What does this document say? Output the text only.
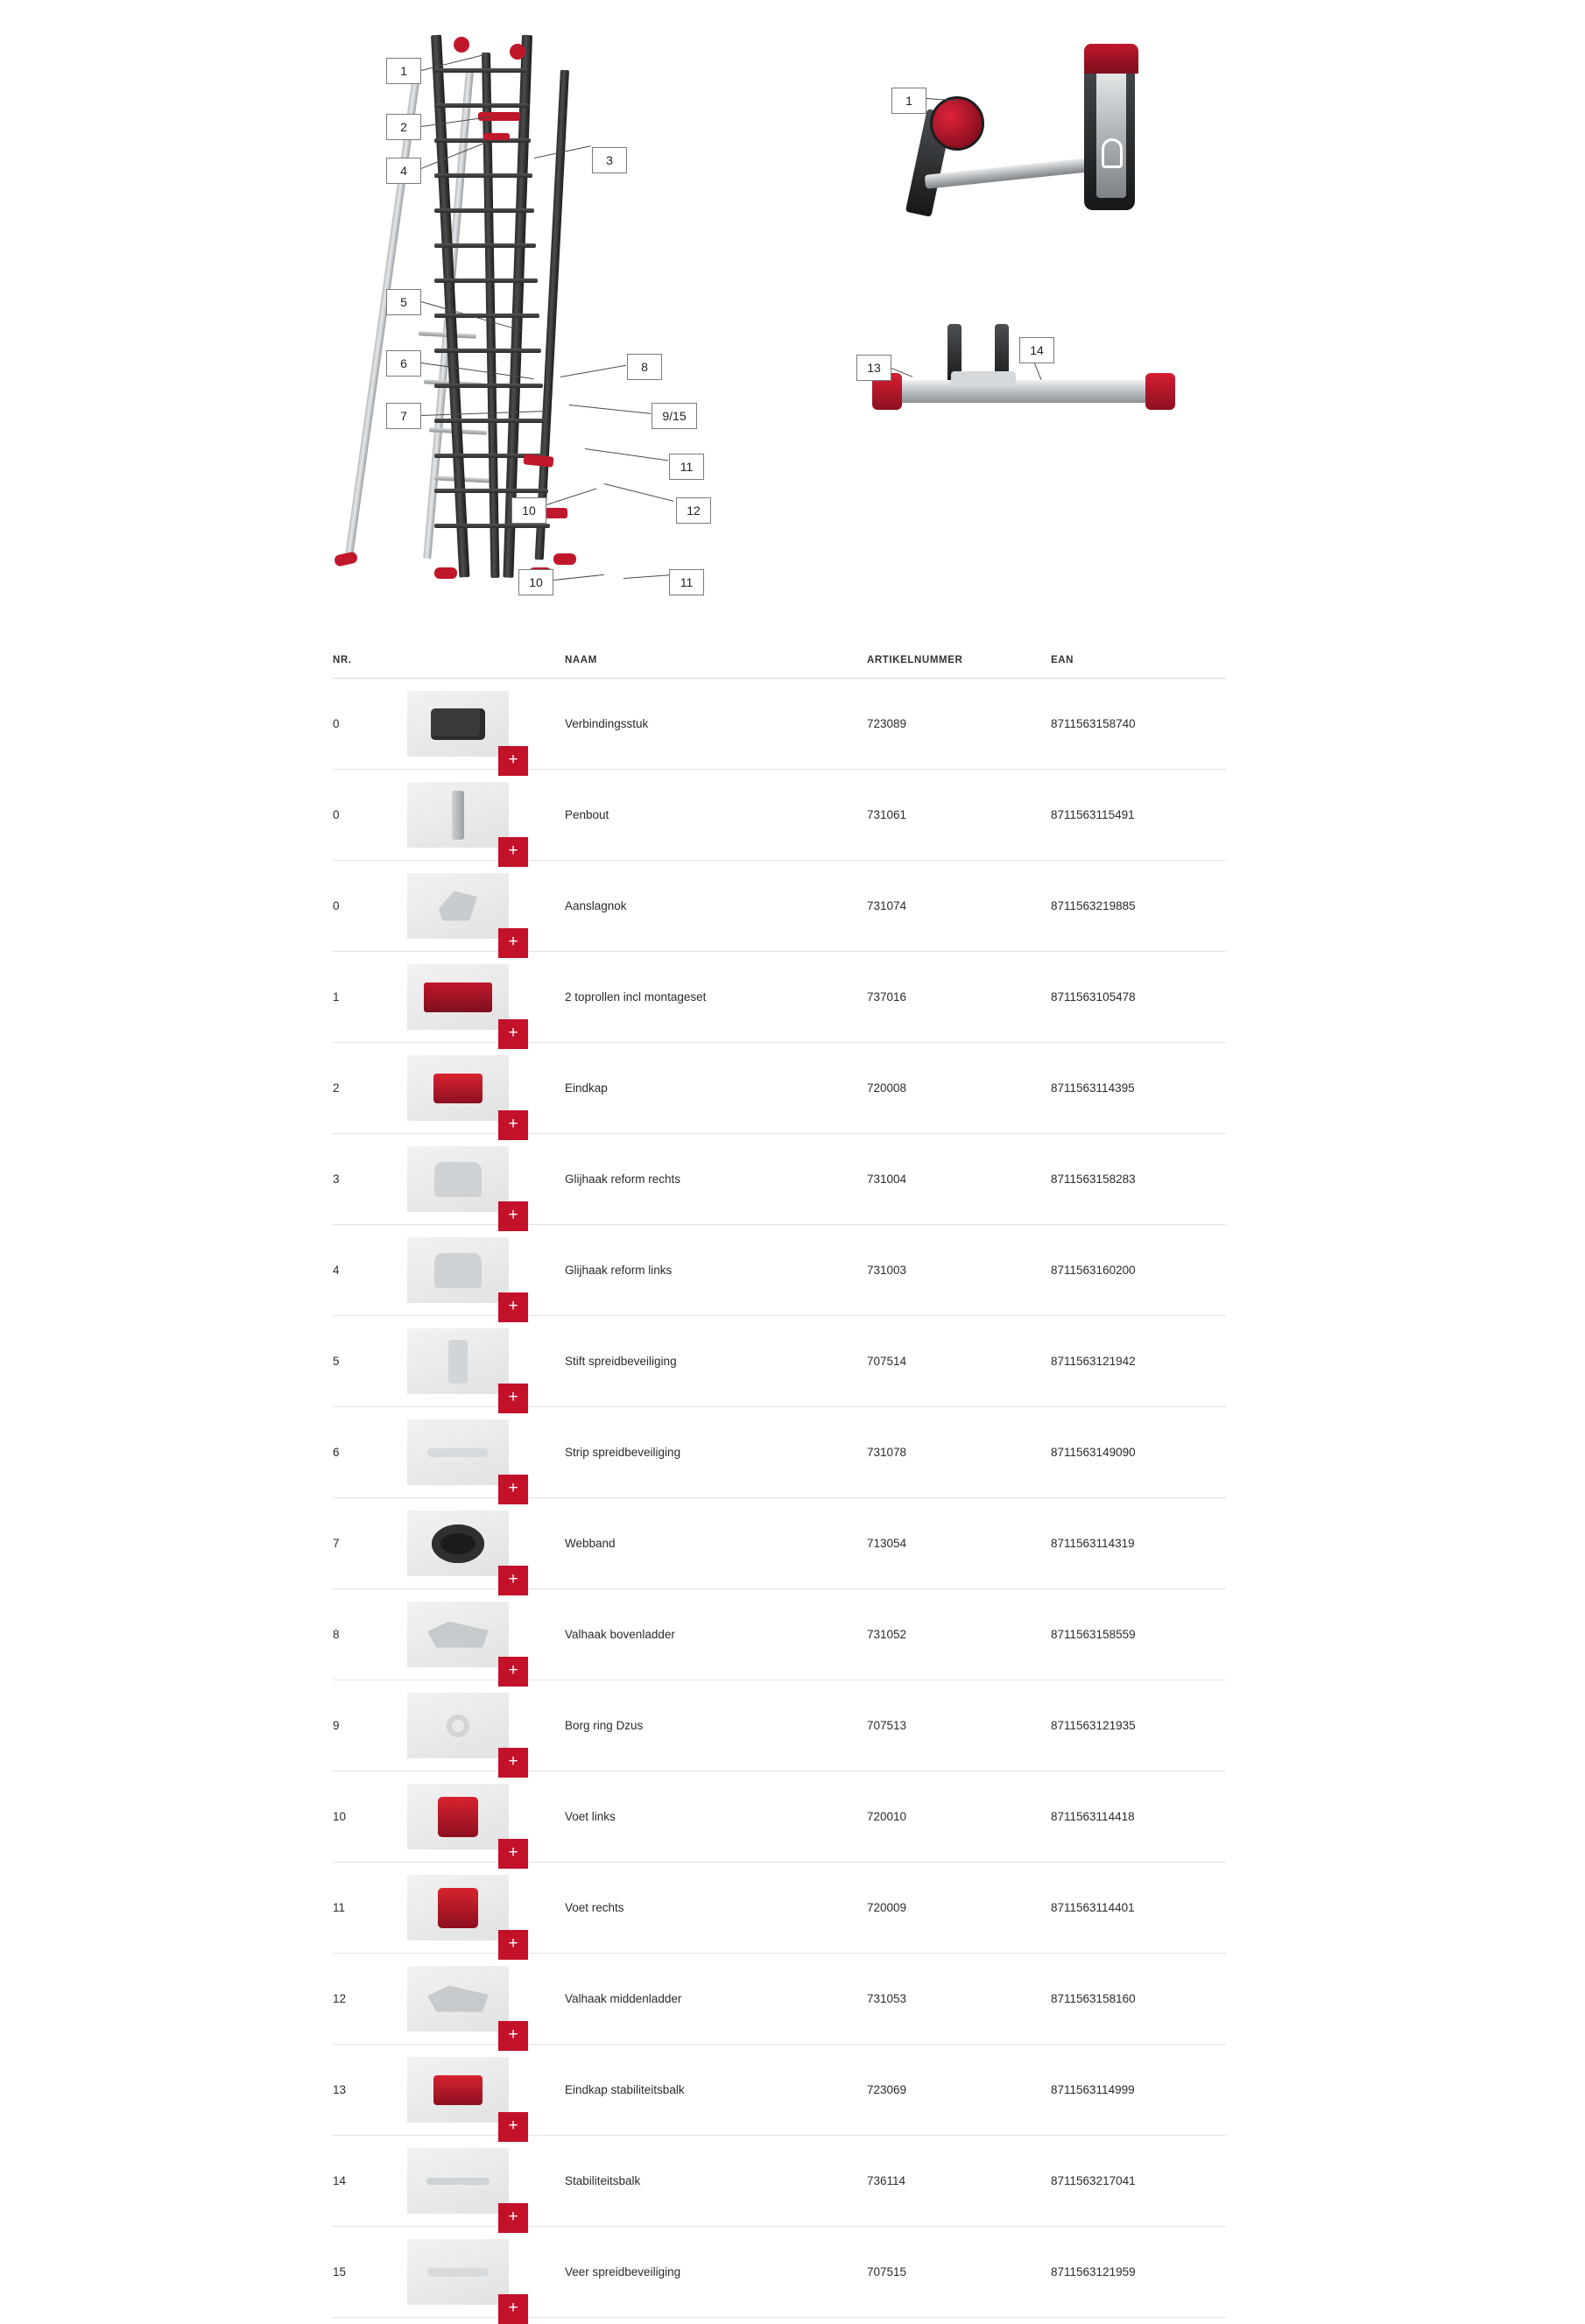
1
2
4
3
5
6
7
8
9/15
11
10	12
10	11
1
13
14
NR.		NAAM	ARTIKELNUMMER	EAN
0	+	Verbindingsstuk	723089	8711563158740
0	+	Penbout	731061	8711563115491
0	+	Aanslagnok	731074	8711563219885
1	+	2 toprollen incl montageset	737016	8711563105478
2	+	Eindkap	720008	8711563114395
3	+	Glijhaak reform rechts	731004	8711563158283
4	+	Glijhaak reform links	731003	8711563160200
5	+	Stift spreidbeveiliging	707514	8711563121942
6	+	Strip spreidbeveiliging	731078	8711563149090
7	+	Webband	713054	8711563114319
8	+	Valhaak bovenladder	731052	8711563158559
9	+	Borg ring Dzus	707513	8711563121935
10	+	Voet links	720010	8711563114418
11	+	Voet rechts	720009	8711563114401
12	+	Valhaak middenladder	731053	8711563158160
13	+	Eindkap stabiliteitsbalk	723069	8711563114999
14	+	Stabiliteitsbalk	736114	8711563217041
15	+	Veer spreidbeveiliging	707515	8711563121959
